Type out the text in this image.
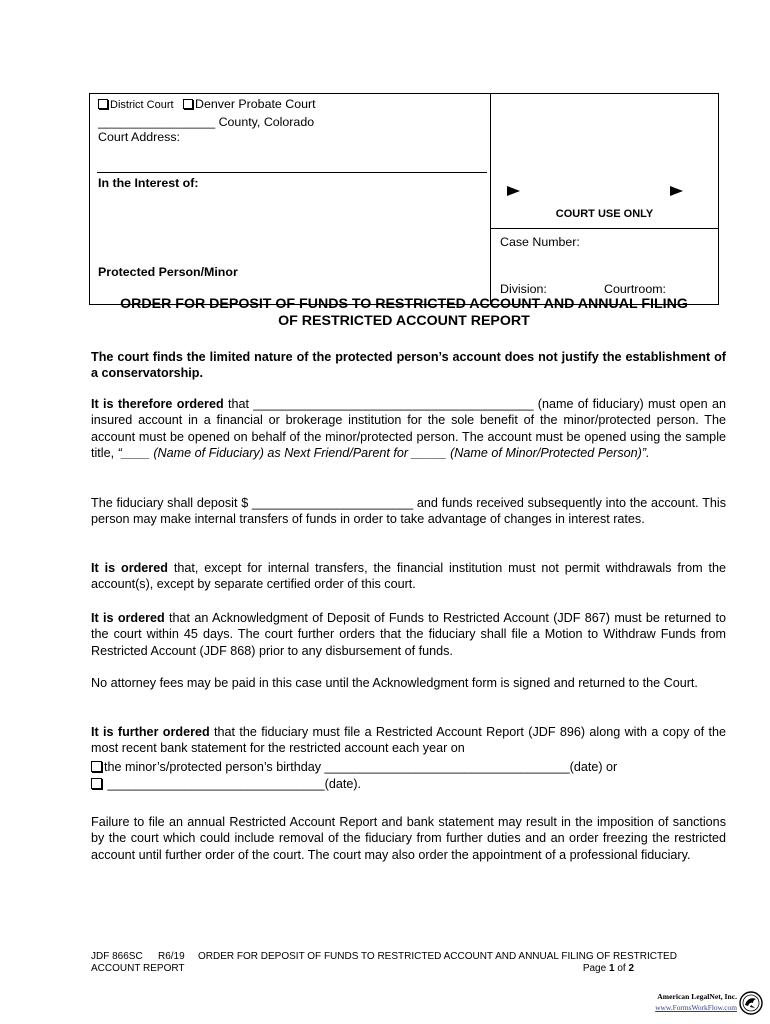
District Court Denver Probate Court
_________________ County, Colorado
Court Address:
In the Interest of:
Protected Person/Minor
COURT USE ONLY
Case Number:
Division:	Courtroom:
ORDER FOR DEPOSIT OF FUNDS TO RESTRICTED ACCOUNT AND ANNUAL FILING
OF RESTRICTED ACCOUNT REPORT
The court finds the limited nature of the protected person’s account does not justify the establishment of a conservatorship.
It is therefore ordered that ________________________________________ (name of fiduciary) must open an insured account in a financial or brokerage institution for the sole benefit of the minor/protected person. The account must be opened on behalf of the minor/protected person. The account must be opened using the sample title, “____ (Name of Fiduciary) as Next Friend/Parent for _____ (Name of Minor/Protected Person)”.
The fiduciary shall deposit $ _______________________ and funds received subsequently into the account. This person may make internal transfers of funds in order to take advantage of changes in interest rates.
It is ordered that, except for internal transfers, the financial institution must not permit withdrawals from the account(s), except by separate certified order of this court.
It is ordered that an Acknowledgment of Deposit of Funds to Restricted Account (JDF 867) must be returned to the court within 45 days. The court further orders that the fiduciary shall file a Motion to Withdraw Funds from Restricted Account (JDF 868) prior to any disbursement of funds.
No attorney fees may be paid in this case until the Acknowledgment form is signed and returned to the Court.
It is further ordered that the fiduciary must file a Restricted Account Report (JDF 896) along with a copy of the most recent bank statement for the restricted account each year on
the minor’s/protected person’s birthday ___________________________________(date) or
_______________________________(date).
Failure to file an annual Restricted Account Report and bank statement may result in the imposition of sanctions by the court which could include removal of the fiduciary from further duties and an order freezing the restricted account until further order of the court. The court may also order the appointment of a professional fiduciary.
JDF 866SC R6/19 ORDER FOR DEPOSIT OF FUNDS TO RESTRICTED ACCOUNT AND ANNUAL FILING OF RESTRICTED
ACCOUNT REPORT	Page 1 of 2
American LegalNet, Inc.
www.FormsWorkFlow.com
